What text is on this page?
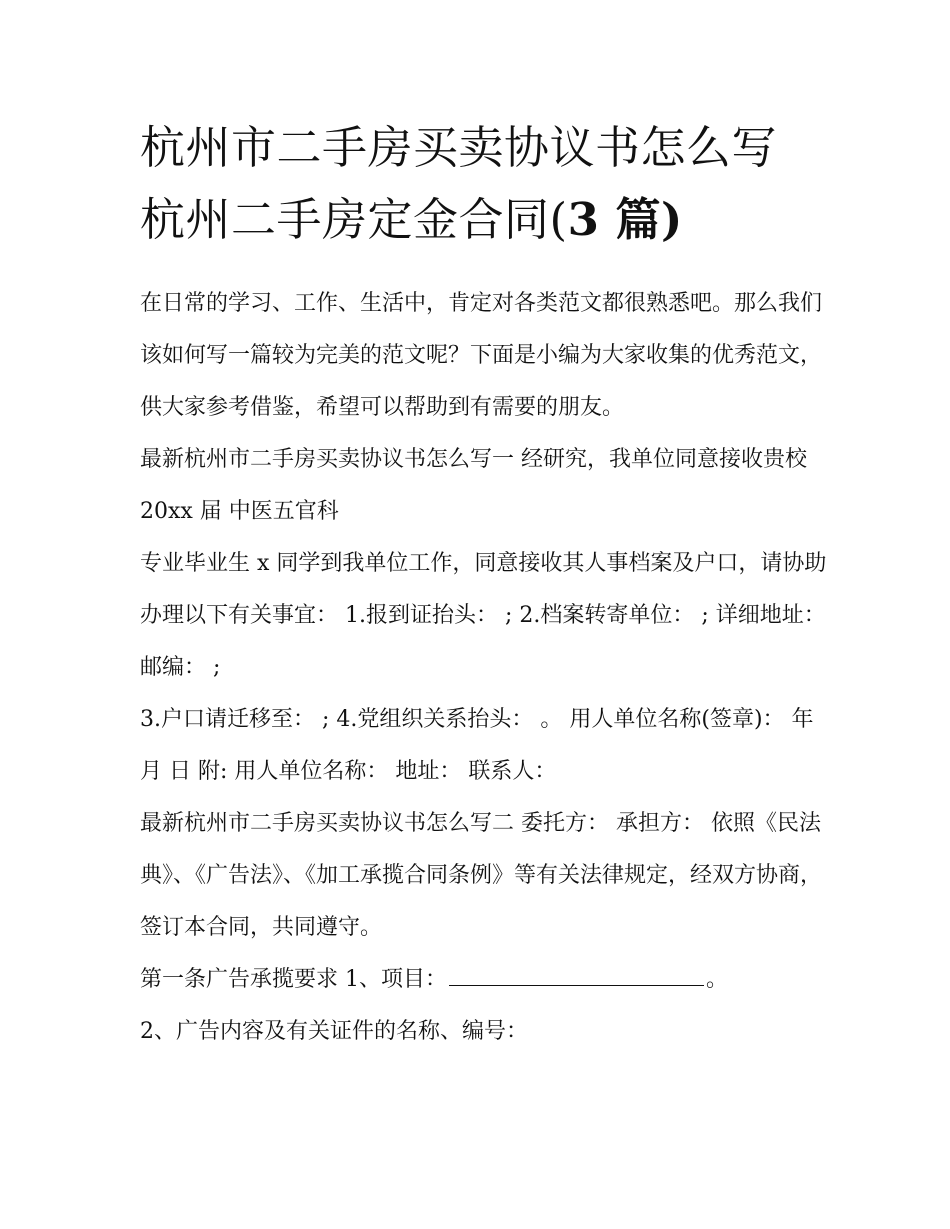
杭州市二手房买卖协议书怎么写 杭州二手房定金合同(3 篇)

在日常的学习、工作、生活中，肯定对各类范文都很熟悉吧。那么我们该如何写一篇较为完美的范文呢？下面是小编为大家收集的优秀范文，供大家参考借鉴，希望可以帮助到有需要的朋友。

最新杭州市二手房买卖协议书怎么写一 经研究，我单位同意接收贵校 20xx 届 中医五官科

专业毕业生 x 同学到我单位工作，同意接收其人事档案及户口，请协助办理以下有关事宜： 1.报到证抬头： ; 2.档案转寄单位： ; 详细地址： 邮编： ;

3.户口请迁移至： ; 4.党组织关系抬头： 。 用人单位名称(签章)： 年 月 日 附: 用人单位名称： 地址： 联系人：

最新杭州市二手房买卖协议书怎么写二 委托方： 承担方： 依照《民法典》、《广告法》、《加工承揽合同条例》等有关法律规定，经双方协商，签订本合同，共同遵守。

第一条广告承揽要求 1、项目：	。

2、广告内容及有关证件的名称、编号：
